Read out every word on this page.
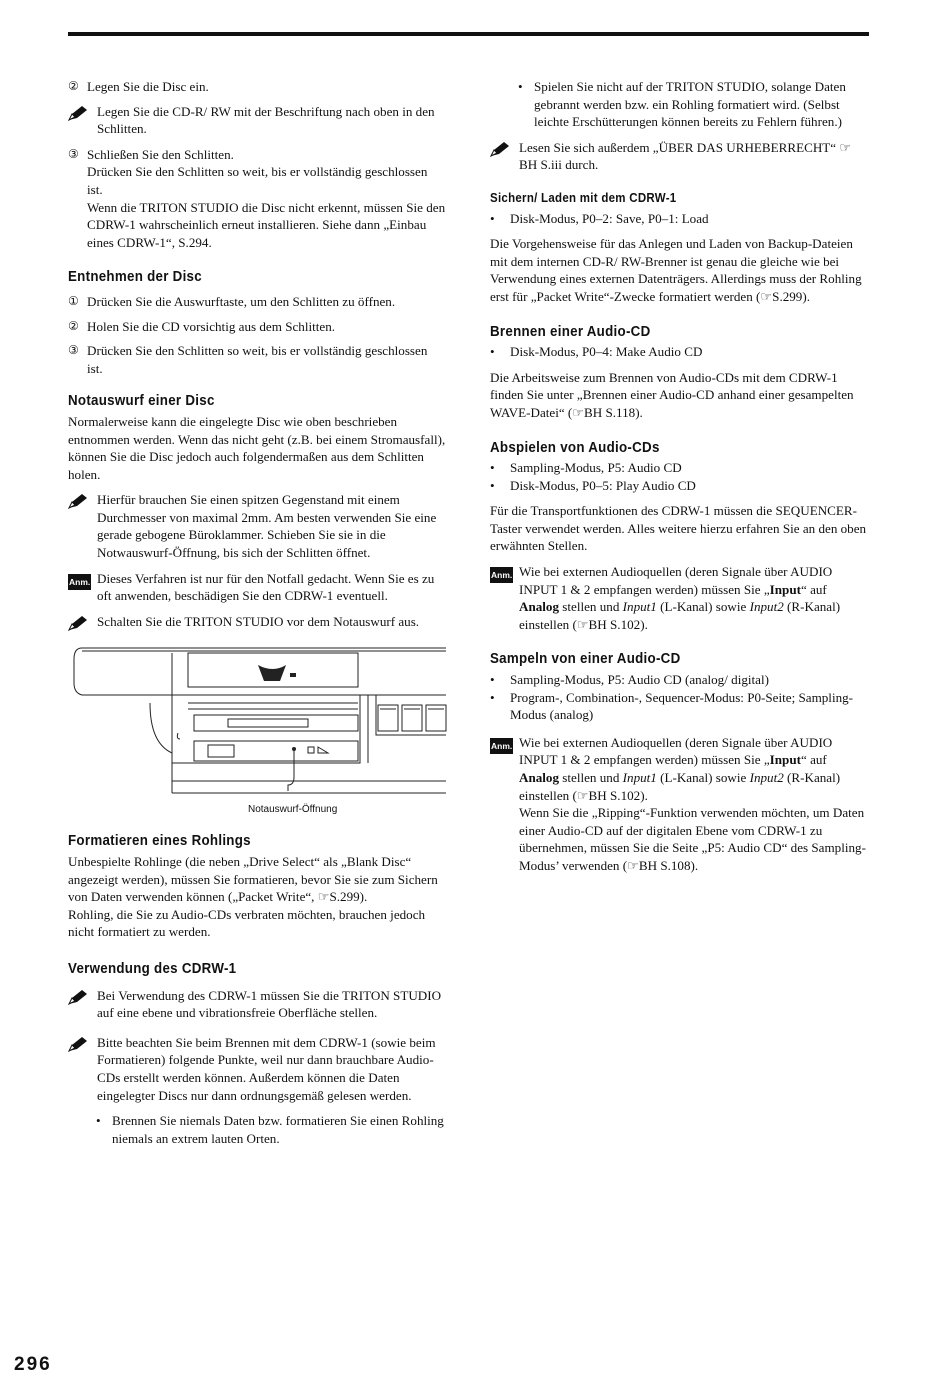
② Legen Sie die Disc ein.
Legen Sie die CD-R/ RW mit der Beschriftung nach oben in den Schlitten.
③ Schließen Sie den Schlitten.
Drücken Sie den Schlitten so weit, bis er vollständig geschlossen ist.
Wenn die TRITON STUDIO die Disc nicht erkennt, müssen Sie den CDRW-1 wahrscheinlich erneut installieren. Siehe dann „Einbau eines CDRW-1“, S.294.
Entnehmen der Disc
① Drücken Sie die Auswurftaste, um den Schlitten zu öffnen.
② Holen Sie die CD vorsichtig aus dem Schlitten.
③ Drücken Sie den Schlitten so weit, bis er vollständig geschlossen ist.
Notauswurf einer Disc

Normalerweise kann die eingelegte Disc wie oben beschrieben entnommen werden. Wenn das nicht geht (z.B. bei einem Stromausfall), können Sie die Disc jedoch auch folgendermaßen aus dem Schlitten holen.

Hierfür brauchen Sie einen spitzen Gegenstand mit einem Durchmesser von maximal 2mm. Am besten verwenden Sie eine gerade gebogene Büroklammer. Schieben Sie sie in die Notwauswurf-Öffnung, bis sich der Schlitten öffnet.
Anm. Dieses Verfahren ist nur für den Notfall gedacht. Wenn Sie es zu oft anwenden, beschädigen Sie den CDRW-1 eventuell.
Schalten Sie die TRITON STUDIO vor dem Notauswurf aus.
Notauswurf-Öffnung
Formatieren eines Rohlings

Unbespielte Rohlinge (die neben „Drive Select“ als „Blank Disc“ angezeigt werden), müssen Sie formatieren, bevor Sie sie zum Sichern von Daten verwenden können („Packet Write“, ☞S.299).

Rohling, die Sie zu Audio-CDs verbraten möchten, brauchen jedoch nicht formatiert zu werden.

Verwendung des CDRW-1
Bei Verwendung des CDRW-1 müssen Sie die TRITON STUDIO auf eine ebene und vibrationsfreie Oberfläche stellen.
Bitte beachten Sie beim Brennen mit dem CDRW-1 (sowie beim Formatieren) folgende Punkte, weil nur dann brauchbare Audio-CDs erstellt werden können. Außerdem können die Daten eingelegter Discs nur dann ordnungsgemäß gelesen werden.
• Brennen Sie niemals Daten bzw. formatieren Sie einen Rohling niemals an extrem lauten Orten.
• Spielen Sie nicht auf der TRITON STUDIO, solange Daten gebrannt werden bzw. ein Rohling formatiert wird. (Selbst leichte Erschütterungen können bereits zu Fehlern führen.)
Lesen Sie sich außerdem „ÜBER DAS URHEBERRECHT“ ☞BH S.iii durch.
Sichern/ Laden mit dem CDRW-1
•	Disk-Modus, P0–2: Save, P0–1: Load

Die Vorgehensweise für das Anlegen und Laden von Backup-Dateien mit dem internen CD-R/ RW-Brenner ist genau die gleiche wie bei Verwendung eines externen Datenträgers. Allerdings muss der Rohling erst für „Packet Write“-Zwecke formatiert werden (☞S.299).

Brennen einer Audio-CD
•	Disk-Modus, P0–4: Make Audio CD

Die Arbeitsweise zum Brennen von Audio-CDs mit dem CDRW-1 finden Sie unter „Brennen einer Audio-CD anhand einer gesampelten WAVE-Datei“ (☞BH S.118).

Abspielen von Audio-CDs
•	Sampling-Modus, P5: Audio CD
•	Disk-Modus, P0–5: Play Audio CD

Für die Transportfunktionen des CDRW-1 müssen die SEQUENCER-Taster verwendet werden. Alles weitere hierzu erfahren Sie an den oben erwähnten Stellen.

Anm. Wie bei externen Audioquellen (deren Signale über AUDIO INPUT 1 & 2 empfangen werden) müssen Sie „Input“ auf Analog stellen und Input1 (L-Kanal) sowie Input2 (R-Kanal) einstellen (☞BH S.102).
Sampeln von einer Audio-CD
•	Sampling-Modus, P5: Audio CD (analog/ digital)
•	Program-, Combination-, Sequencer-Modus: P0-Seite; Sampling-Modus (analog)
Anm. Wie bei externen Audioquellen (deren Signale über AUDIO INPUT 1 & 2 empfangen werden) müssen Sie „Input“ auf Analog stellen und Input1 (L-Kanal) sowie Input2 (R-Kanal) einstellen (☞BH S.102).
Wenn Sie die „Ripping“-Funktion verwenden möchten, um Daten einer Audio-CD auf der digitalen Ebene vom CDRW-1 zu übernehmen, müssen Sie die Seite „P5: Audio CD“ des Sampling-Modus’ verwenden (☞BH S.108).
296
